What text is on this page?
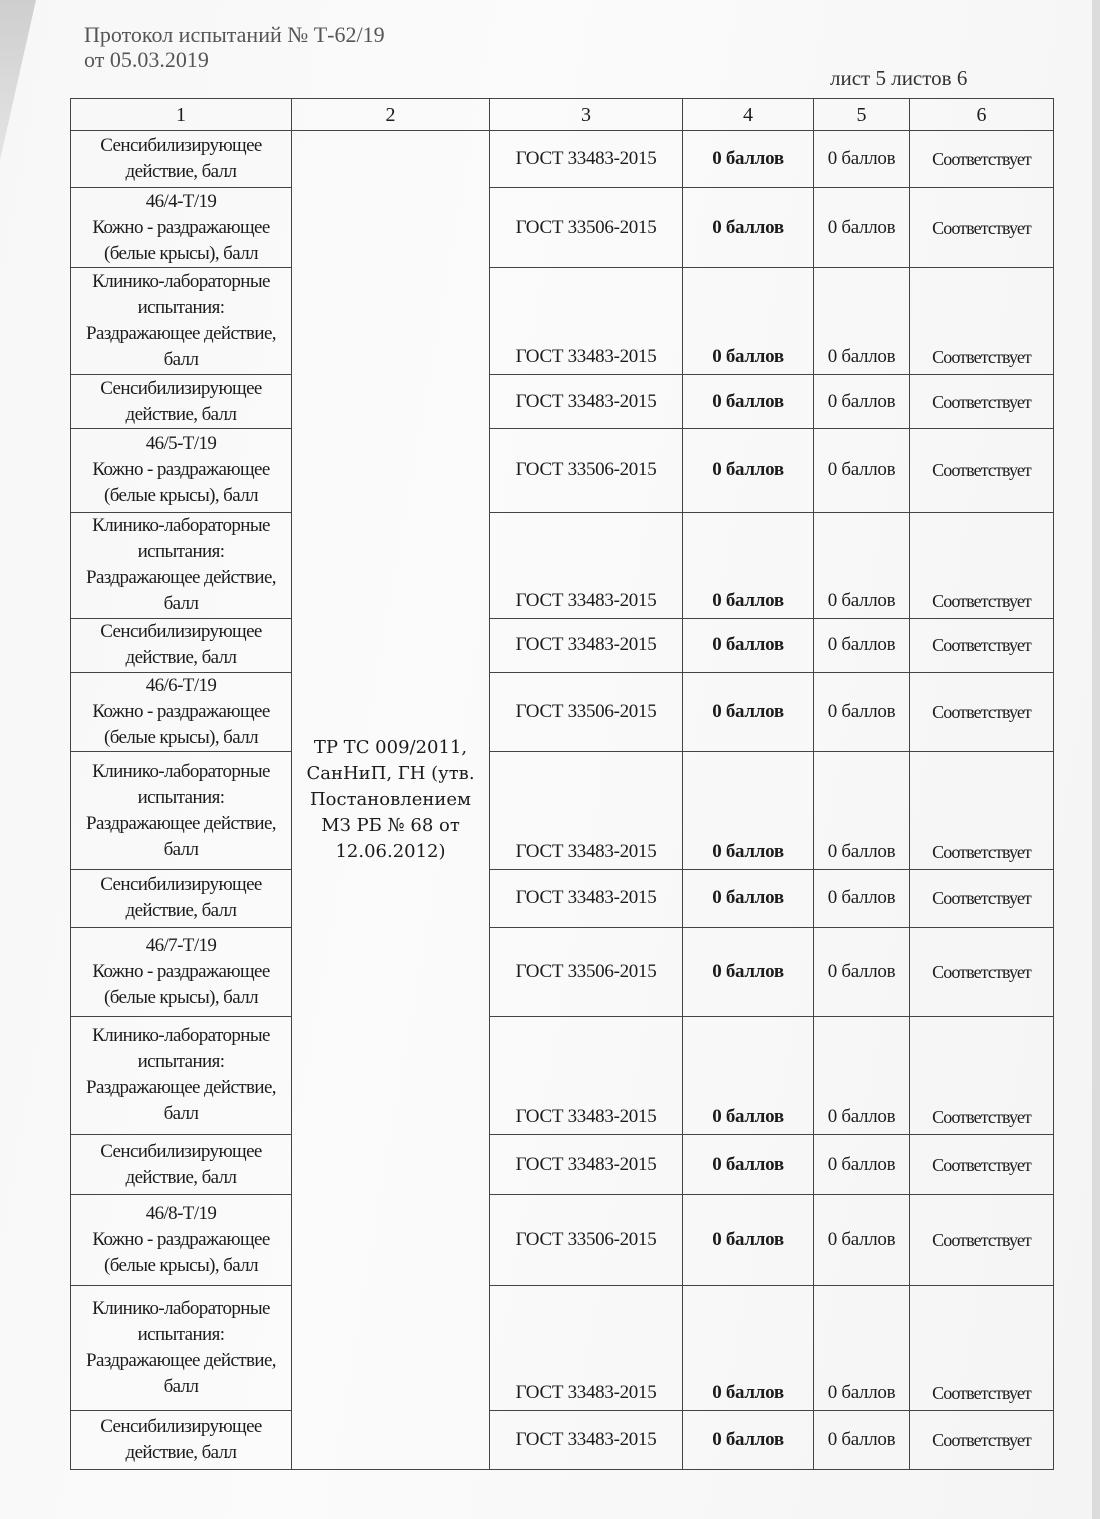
Протокол испытаний № Т-62/19
от 05.03.2019
лист 5 листов 6
1	2	3	4	5	6

Сенсибилизирующее
действие, балл	ТР ТС 009/2011, СанНиП, ГН (утв. Постановлением МЗ РБ № 68 от 12.06.2012)	ГОСТ 33483-2015	0 баллов	0 баллов	Соответствует

46/4-Т/19
Кожно - раздражающее
(белые крысы), балл		ГОСТ 33506-2015	0 баллов	0 баллов	Соответствует

Клинико-лабораторные
испытания:
Раздражающее действие,
балл		ГОСТ 33483-2015	0 баллов	0 баллов	Соответствует

Сенсибилизирующее
действие, балл		ГОСТ 33483-2015	0 баллов	0 баллов	Соответствует

46/5-Т/19
Кожно - раздражающее
(белые крысы), балл		ГОСТ 33506-2015	0 баллов	0 баллов	Соответствует

Клинико-лабораторные
испытания:
Раздражающее действие,
балл		ГОСТ 33483-2015	0 баллов	0 баллов	Соответствует

Сенсибилизирующее
действие, балл		ГОСТ 33483-2015	0 баллов	0 баллов	Соответствует

46/6-Т/19
Кожно - раздражающее
(белые крысы), балл		ГОСТ 33506-2015	0 баллов	0 баллов	Соответствует

Клинико-лабораторные
испытания:
Раздражающее действие,
балл		ГОСТ 33483-2015	0 баллов	0 баллов	Соответствует

Сенсибилизирующее
действие, балл		ГОСТ 33483-2015	0 баллов	0 баллов	Соответствует

46/7-Т/19
Кожно - раздражающее
(белые крысы), балл		ГОСТ 33506-2015	0 баллов	0 баллов	Соответствует

Клинико-лабораторные
испытания:
Раздражающее действие,
балл		ГОСТ 33483-2015	0 баллов	0 баллов	Соответствует

Сенсибилизирующее
действие, балл		ГОСТ 33483-2015	0 баллов	0 баллов	Соответствует

46/8-Т/19
Кожно - раздражающее
(белые крысы), балл		ГОСТ 33506-2015	0 баллов	0 баллов	Соответствует

Клинико-лабораторные
испытания:
Раздражающее действие,
балл		ГОСТ 33483-2015	0 баллов	0 баллов	Соответствует

Сенсибилизирующее
действие, балл		ГОСТ 33483-2015	0 баллов	0 баллов	Соответствует
